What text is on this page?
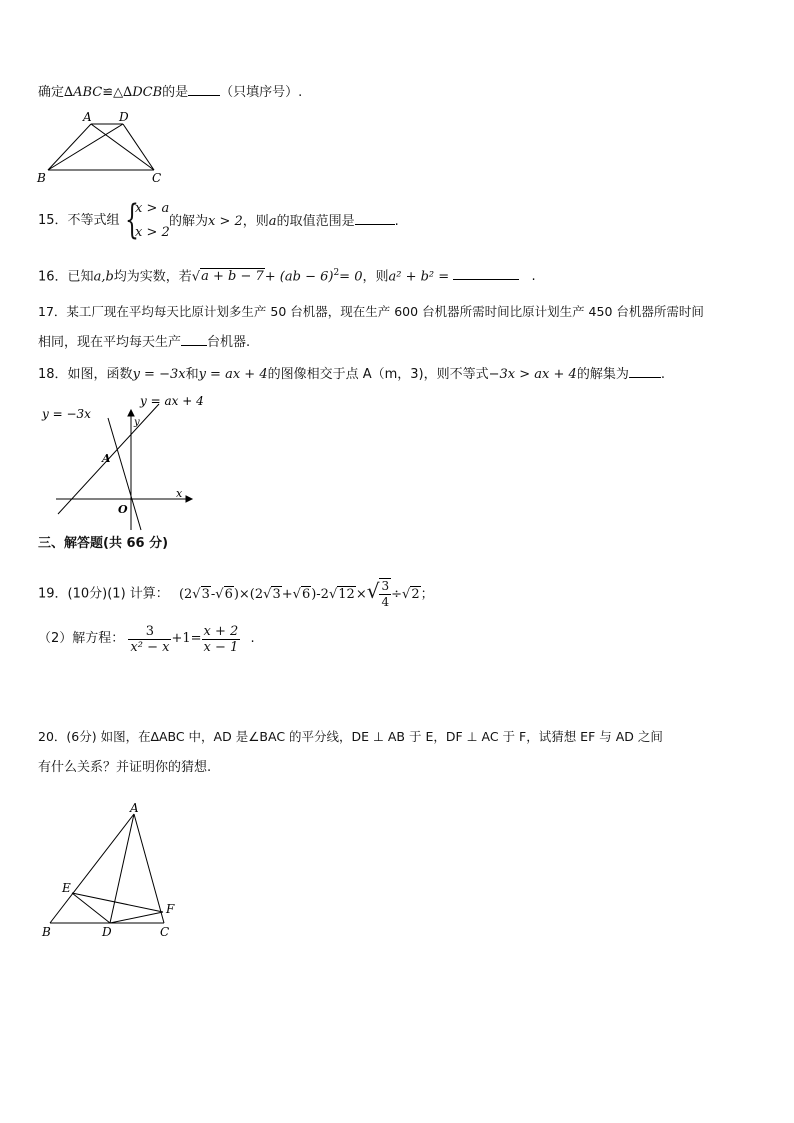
确定∆ABC≌△∆DCB的是 （只填序号）.
A D
B	C
15．不等式组 {
x > a
x > 2
的解为x > 2，则a的取值范围是	.
16．已知a,b均为实数，若√a + b − 7+ (ab − 6)$^2$= 0，则a² + b² =	.
17．某工厂现在平均每天比原计划多生产 50 台机器，现在生产 600 台机器所需时间比原计划生产 450 台机器所需时间
相同，现在平均每天生产 台机器.
18．如图，函数y = −3x和y = ax + 4的图像相交于点 A（m，3)，则不等式−3x > ax + 4的解集为 .
y = −3x
y = ax + 4
y
x
A
O
三、解答题(共 66 分)
19．(10分)(1) 计算： $(2√3-√6)\times(2√3+√6)-2√12\times√ \frac{3}{4} \div√2$；
（2）解方程： $\frac{3}{\text{x² − x}} +1= \frac{x + 2}{x - 1}$ .
20．(6分) 如图，在∆ABC 中，AD 是∠BAC 的平分线，DE ⊥ AB 于 E，DF ⊥ AC 于 F，试猜想 EF 与 AD 之间
有什么关系？并证明你的猜想.
A
E
F
B	D	C
